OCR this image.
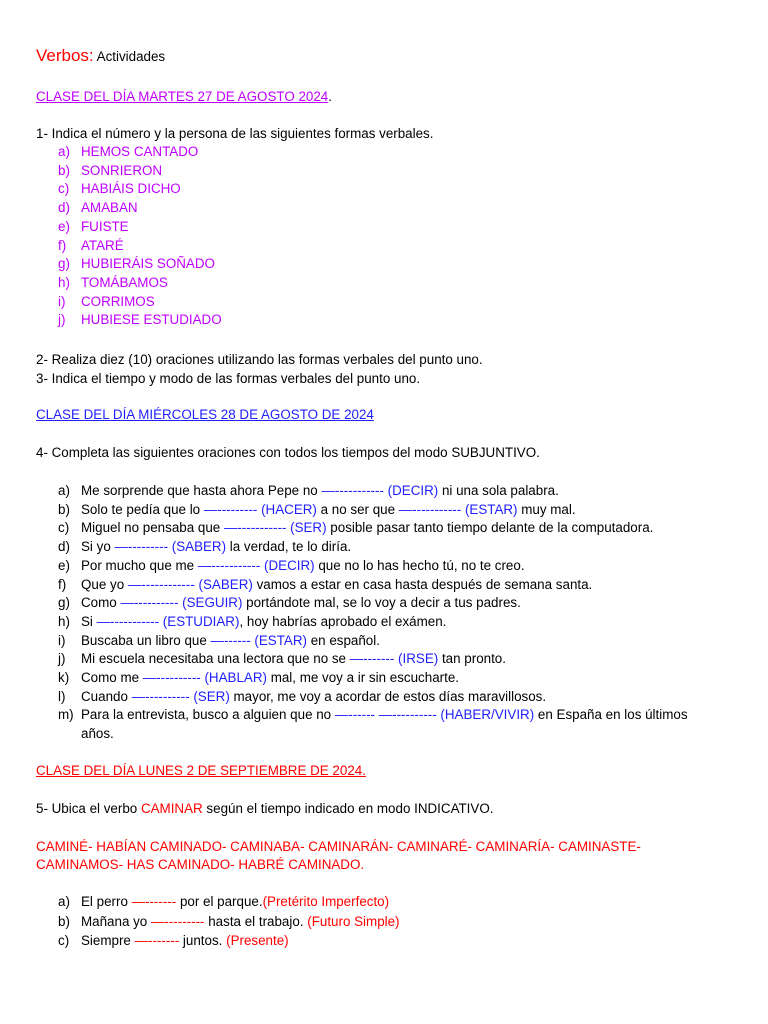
Verbos: Actividades
CLASE DEL DÍA MARTES 27 DE AGOSTO 2024.
1- Indica el número y la persona de las siguientes formas verbales.
a) HEMOS CANTADO
b) SONRIERON
c) HABIÁIS DICHO
d) AMABAN
e) FUISTE
f)	ATARÉ
g) HUBIERÁIS SOÑADO
h) TOMÁBAMOS
i)	CORRIMOS
j)	HUBIESE ESTUDIADO
2- Realiza diez (10) oraciones utilizando las formas verbales del punto uno.
3- Indica el tiempo y modo de las formas verbales del punto uno.
CLASE DEL DÍA MIÉRCOLES 28 DE AGOSTO DE 2024
4- Completa las siguientes oraciones con todos los tiempos del modo SUBJUNTIVO.
a) Me sorprende que hasta ahora Pepe no —----------- (DECIR) ni una sola palabra.
b) Solo te pedía que lo —--------- (HACER) a no ser que —----------- (ESTAR) muy mal.
c) Miguel no pensaba que —----------- (SER) posible pasar tanto tiempo delante de la computadora.
d) Si yo —--------- (SABER) la verdad, te lo diría.
e) Por mucho que me —----------- (DECIR) que no lo has hecho tú, no te creo.
f)	Que yo —------------ (SABER) vamos a estar en casa hasta después de semana santa.
g) Como —---------- (SEGUIR) portándote mal, se lo voy a decir a tus padres.
h) Si —----------- (ESTUDIAR), hoy habrías aprobado el exámen.
i)	Buscaba un libro que —------ (ESTAR) en español.
j)	Mi escuela necesitaba una lectora que no se —------- (IRSE) tan pronto.
k) Como me —---------- (HABLAR) mal, me voy a ir sin escucharte.
l)	Cuando —---------- (SER) mayor, me voy a acordar de estos días maravillosos.
m) Para la entrevista, busco a alguien que no —------ —---------- (HABER/VIVIR) en España en los últimos
años.
CLASE DEL DÍA LUNES 2 DE SEPTIEMBRE DE 2024.
5- Ubica el verbo CAMINAR según el tiempo indicado en modo INDICATIVO.
CAMINÉ- HABÍAN CAMINADO- CAMINABA- CAMINARÁN- CAMINARÉ- CAMINARÍA- CAMINASTE-
CAMINAMOS- HAS CAMINADO- HABRÉ CAMINADO.
a) El perro —------- por el parque.(Pretérito Imperfecto)
b) Mañana yo —--------- hasta el trabajo. (Futuro Simple)
c) Siempre —------- juntos. (Presente)
